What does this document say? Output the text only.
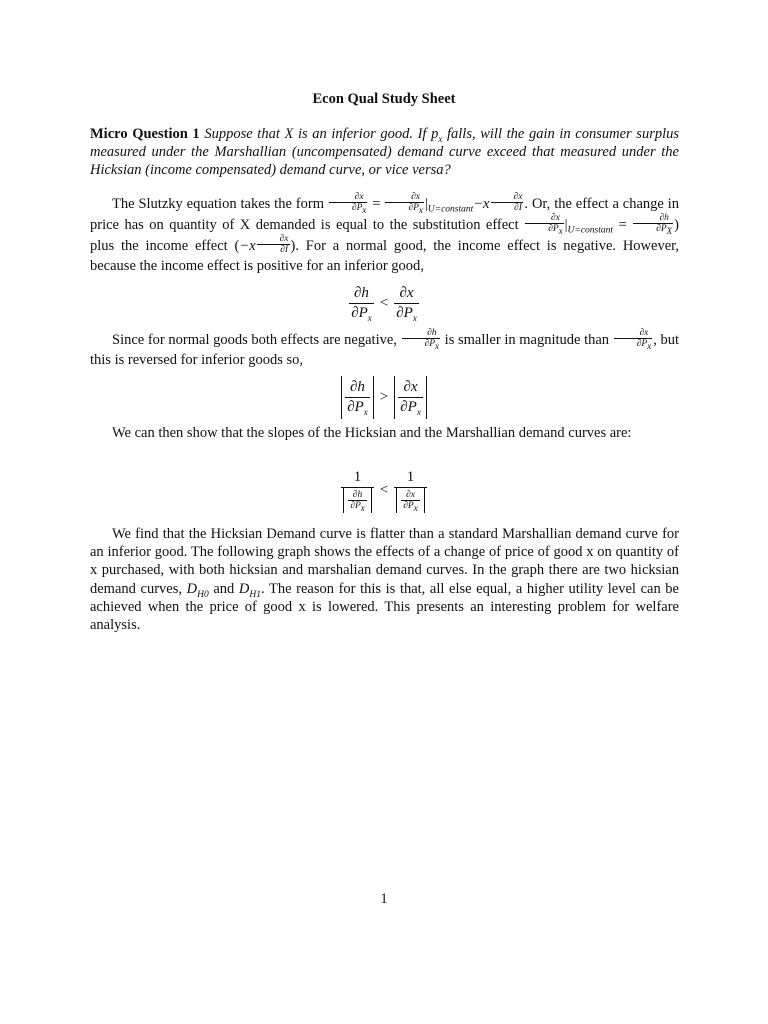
Econ Qual Study Sheet
Micro Question 1 Suppose that X is an inferior good. If $p_x$ falls, will the gain in consumer surplus measured under the Marshallian (uncompensated) demand curve exceed that measured under the Hicksian (income compensated) demand curve, or vice versa?
The Slutzky equation takes the form $\frac{\partial x}{\partial P_x} = \frac{\partial x}{\partial P_x} |_{U=constant}-x \frac{\partial x}{\partial I}$ . Or, the effect a change in price has on quantity of X demanded is equal to the substitution effect $\frac{\partial x}{\partial P_x} |_{U=constant} = \frac{\partial h}{\partial P_X}$ ) plus the income effect ($-x \frac{\partial x}{\partial I}$ ). For a normal good, the income effect is negative. However, because the income effect is positive for an inferior good,
$\frac{\partial h}{\partial P_x} < \frac{\partial x}{\partial P_x}$
Since for normal goods both effects are negative, $\frac{\partial h}{\partial P_x}$ is smaller in magnitude than $\frac{\partial x}{\partial P_x}$ , but this is reversed for inferior goods so,
$\frac{\partial h}{\partial P_x} > \frac{\partial x}{\partial P_x}$
We can then show that the slopes of the Hicksian and the Marshallian demand curves are:
$\frac{1}{\frac{\partial h}{\partial P_x}} < \frac{1}{\frac{\partial x}{\partial P_x}}$
We find that the Hicksian Demand curve is flatter than a standard Marshallian demand curve for an inferior good. The following graph shows the effects of a change of price of good x on quantity of x purchased, with both hicksian and marshalian demand curves. In the graph there are two hicksian demand curves, $D_{H0}$ and $D_{H1}$. The reason for this is that, all else equal, a higher utility level can be achieved when the price of good x is lowered. This presents an interesting problem for welfare analysis.
1
